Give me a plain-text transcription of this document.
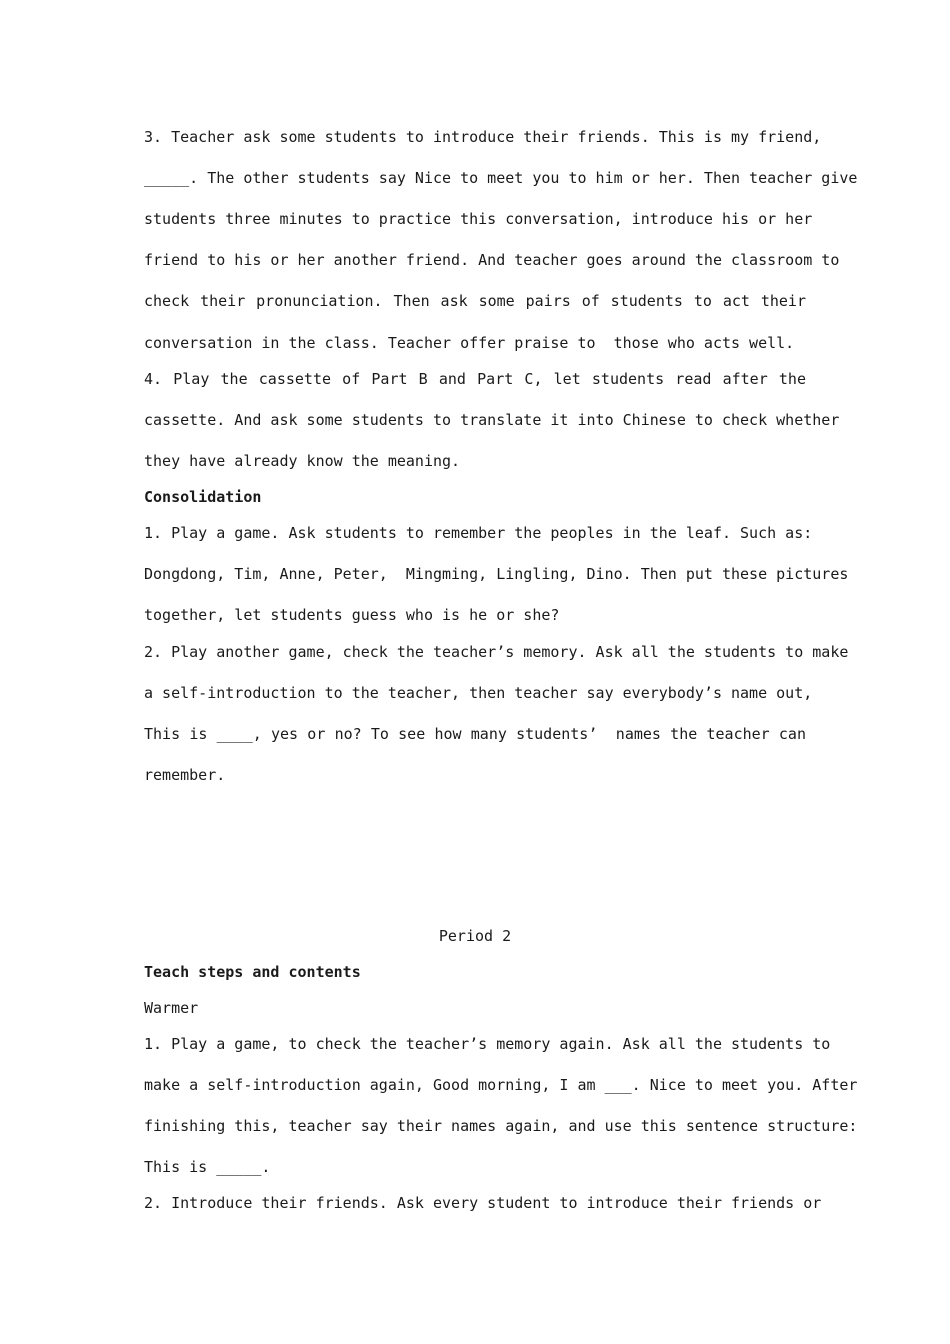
3. Teacher ask some students to introduce their friends. This is my friend,
_____. The other students say Nice to meet you to him or her. Then teacher give
students three minutes to practice this conversation, introduce his or her
friend to his or her another friend. And teacher goes around the classroom to
check their pronunciation. Then ask some pairs of students to act their
conversation in the class. Teacher offer praise to  those who acts well.
4. Play the cassette of Part B and Part C, let students read after the
cassette. And ask some students to translate it into Chinese to check whether
they have already know the meaning.
Consolidation
1. Play a game. Ask students to remember the peoples in the leaf. Such as:
Dongdong, Tim, Anne, Peter,  Mingming, Lingling, Dino. Then put these pictures
together, let students guess who is he or she?
2. Play another game, check the teacher’s memory. Ask all the students to make
a self-introduction to the teacher, then teacher say everybody’s name out,
This is ____, yes or no? To see how many students’  names the teacher can
remember.
Period 2
Teach steps and contents
Warmer
1. Play a game, to check the teacher’s memory again. Ask all the students to
make a self-introduction again, Good morning, I am ___. Nice to meet you. After
finishing this, teacher say their names again, and use this sentence structure:
This is _____.
2. Introduce their friends. Ask every student to introduce their friends or
